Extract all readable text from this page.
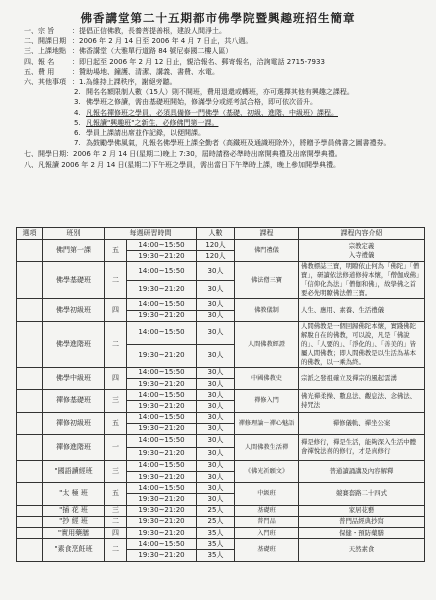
佛香講堂第二十五期都市佛學院暨興趣班招生簡章
一、宗 旨	：提倡正信佛教，長養菩提善根，建設人間淨土。
二、開課日期 ：2006 年 2 月 14 日至 2006 年 4 月 7 日止，共八週。
三、上課地點 ：佛香講堂（大雅單行道路 84 號尼泰國二樓人區）
四、報 名	：即日起至 2006 年 2 月 12 日止，親洽報名、郵寄報名，洽詢電話 2715-7933
五、費 用	：贊助場地、鐘護、清潔、講義、書費、水電。
六、其他事項 ：1.為維持上課秩序，謝絕旁聽。
2. 開名名額限制人數（15人）則不開班，費用退還或轉班，亦可選擇其他有興趣之課程。
3. 佛學班之修讀，需由基礎班開始，修滿學分或經考試合格，即可依次晉升。
4. 凡報名禪修班之學員，必須具備修一門佛學（基礎、初級、進階、中級班）課程。
5. 凡報讀"興趣班"之新生，必修佛門第一課。
6. 學員上課請出席並作記錄，以便開課。
7. 為鼓勵學佛風氣，凡報名佛學班上課全勤者（高鐵班及通識班除外），將贈予學員佛書之圖書禮券。
七、開學日期：2006 年 2 月 14 日(星期二)晚上 7:30，屆時請務必準時出席開典禮及出席開學典禮。
八、凡報讀 2006 年 2 月 14 日(星期二)下午班之學員，需出當日下午準時上課，晚上參加開學典禮。
選項	班別	每週研習時間		人數	課程	課程內容介紹
	佛門第一課	五	14:00~15:50	120人	佛門禮儀	宗教定義
入寺禮儀

			19:30~21:20	120人		
	佛學基礎班	二	14:00~15:50	30人	佛法僧三寶	佛教標誌三寶，明瞭依止何為「佛陀」「僧寶」，研讀依法修道修持本懷，「僧伽成佛」「信仰化為法」「僧伽和佛」，故學佛之首要必先明瞭佛法僧三寶。

			19:30~21:20	30人		
	佛學初級班	四	14:00~15:50	30人	佛教儀制	人生、應用、素養、生活禮儀

			19:30~21:20	30人		
	佛學進階班	二	14:00~15:50	30人	人間佛教經證	人間佛教是一個回歸佛陀本懷，實踐佛陀解脫自在的佛教，可以說，凡是「佛說的」、「人要的」、「淨化的」、「善美的」皆屬人間佛教；即人間佛教是以生活為基本的佛教，以一乘為終。

			19:30~21:20	30人		
	佛學中級班	四	14:00~15:50	30人	中國佛教史	宗派之發祖確立及禪宗的風起雲湧

			19:30~21:20	30人		
	禪修基礎班	三	14:00~15:50	30人	禪修入門	佛光禪柔操、數息法、觀息法、念佛法、持咒法

			19:30~21:20	30人		
	禪修初級班	五	14:00~15:50	30人	禪修理論－禪心魅語	禪修儀軌、禪坐公案

			19:30~21:20	30人		
	禪修進階班	一	14:00~15:50	30人	人間佛教生活禪	禪是修行，禪是生活，能夠深入生活中體會禪悅法喜的修行，才是真修行

			19:30~21:20	30人		
	"國語讀經班	三	14:00~15:50	30人	《佛光祈願文》	普通讀誦講及內容解釋

			19:30~21:20	30人		
	"太 極 班	五	14:00~15:50	30人	中級班	競賽套路二十四式

			19:30~21:20	30人		
	"插 花 班	三	19:30~21:20	25人	基礎班	家居花藝

	"抄 經 班	二	19:30~21:20	25人	普門品	普門品經典抄寫

	"實用藥膳	四	19:30~21:20	35人	入門班	保健・預防藥膳

	"素食烹飪班	二	14:00~15:50	35人	基礎班	天然素食

			19:30~21:20	35人		
